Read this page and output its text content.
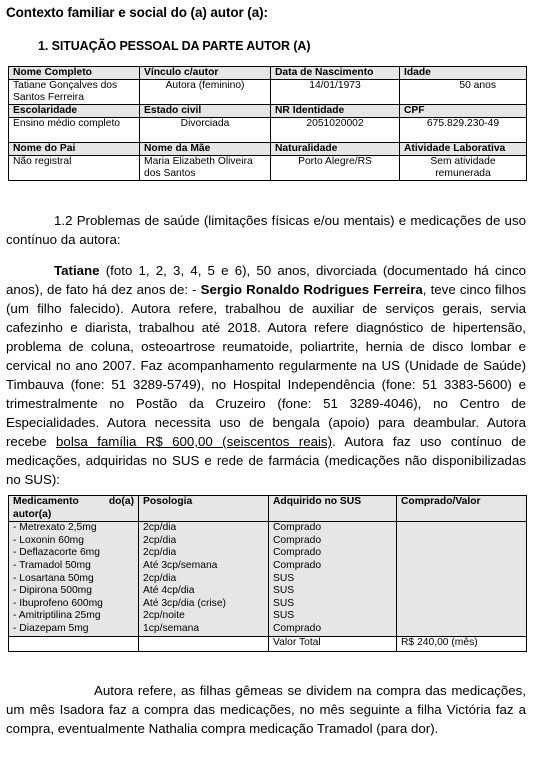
Contexto familiar e social do (a) autor (a):
1. SITUAÇÃO PESSOAL DA PARTE AUTOR (A)
Nome Completo	Vínculo c/autor	Data de Nascimento	Idade
Tatiane Gonçalves dos Santos Ferreira	Autora (feminino)	14/01/1973	50 anos
Escolaridade	Estado civil	NR Identidade	CPF
Ensino médio completo	Divorciada	2051020002	675.829.230-49
Nome do Pai	Nome da Mãe	Naturalidade	Atividade Laborativa
Não registral	Maria Elizabeth Oliveira dos Santos	Porto Alegre/RS	Sem atividade remunerada

1.2 Problemas de saúde (limitações físicas e/ou mentais) e medicações de uso contínuo da autora:

Tatiane (foto 1, 2, 3, 4, 5 e 6), 50 anos, divorciada (documentado há cinco anos), de fato há dez anos de: - Sergio Ronaldo Rodrigues Ferreira, teve cinco filhos (um filho falecido). Autora refere, trabalhou de auxiliar de serviços gerais, servia cafezinho e diarista, trabalhou até 2018. Autora refere diagnóstico de hipertensão, problema de coluna, osteoartrose reumatoide, poliartrite, hernia de disco lombar e cervical no ano 2007. Faz acompanhamento regularmente na US (Unidade de Saúde) Timbauva (fone: 51 3289-5749), no Hospital Independência (fone: 51 3383-5600) e trimestralmente no Postão da Cruzeiro (fone: 51 3289-4046), no Centro de Especialidades. Autora necessita uso de bengala (apoio) para deambular. Autora recebe bolsa família R$ 600,00 (seiscentos reais). Autora faz uso contínuo de medicações, adquiridas no SUS e rede de farmácia (medicações não disponibilizadas no SUS):

Medicamento do(a)
autor(a)	Posologia	Adquirido no SUS	Comprado/Valor
- Metrexato 2,5mg	2cp/dia	Comprado	
- Loxonin 60mg	2cp/dia	Comprado	
- Deflazacorte 6mg	2cp/dia	Comprado	
- Tramadol 50mg	Até 3cp/semana	Comprado	
- Losartana 50mg	2cp/dia	SUS	
- Dipirona 500mg	Até 4cp/dia	SUS	
- Ibuprofeno 600mg	Até 3cp/dia (crise)	SUS	
- Amitriptilina 25mg	2cp/noite	SUS	
- Diazepam 5mg	1cp/semana	Comprado	
		Valor Total	R$ 240,00 (mês)

Autora refere, as filhas gêmeas se dividem na compra das medicações, um mês Isadora faz a compra das medicações, no mês seguinte a filha Victória faz a compra, eventualmente Nathalia compra medicação Tramadol (para dor).
